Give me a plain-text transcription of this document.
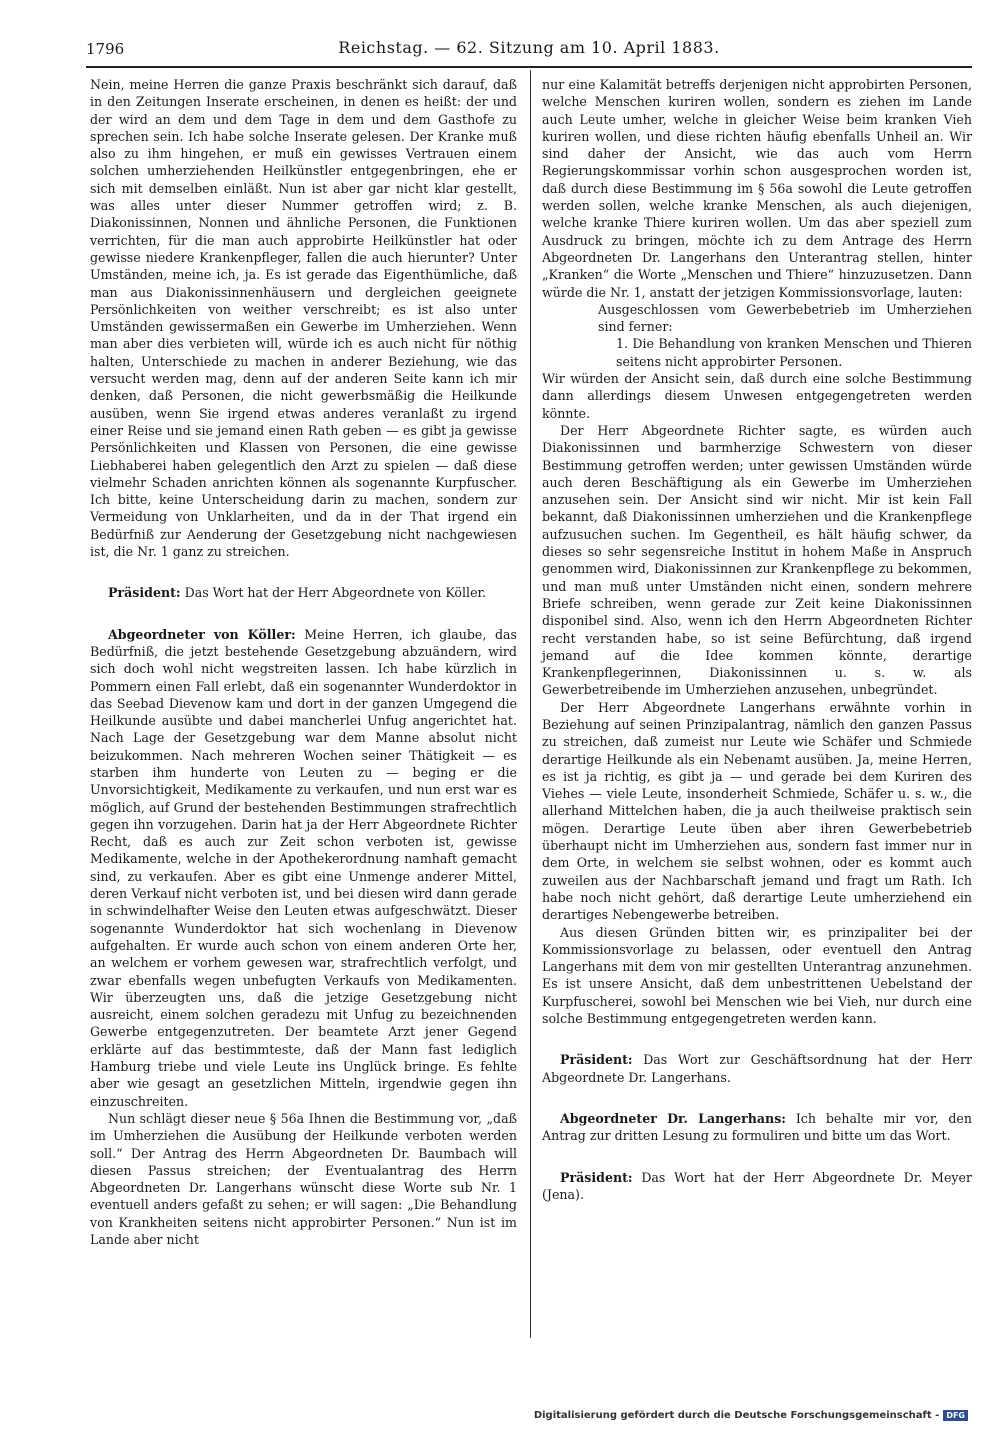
1796	Reichstag. — 62. Sitzung am 10. April 1883.

Nein, meine Herren die ganze Praxis beschränkt sich darauf, daß in den Zeitungen Inserate erscheinen, in denen es heißt: der und der wird an dem und dem Tage in dem und dem Gasthofe zu sprechen sein. Ich habe solche Inserate gelesen. Der Kranke muß also zu ihm hingehen, er muß ein gewisses Vertrauen einem solchen umherziehenden Heilkünstler entgegenbringen, ehe er sich mit demselben einläßt. Nun ist aber gar nicht klar gestellt, was alles unter dieser Nummer getroffen wird; z. B. Diakonissinnen, Nonnen und ähnliche Personen, die Funktionen verrichten, für die man auch approbirte Heilkünstler hat oder gewisse niedere Krankenpfleger, fallen die auch hierunter? Unter Umständen, meine ich, ja. Es ist gerade das Eigenthümliche, daß man aus Diakonissinnenhäusern und dergleichen geeignete Persönlichkeiten von weither verschreibt; es ist also unter Umständen gewissermaßen ein Gewerbe im Umherziehen. Wenn man aber dies verbieten will, würde ich es auch nicht für nöthig halten, Unterschiede zu machen in anderer Beziehung, wie das versucht werden mag, denn auf der anderen Seite kann ich mir denken, daß Personen, die nicht gewerbsmäßig die Heilkunde ausüben, wenn Sie irgend etwas anderes veranlaßt zu irgend einer Reise und sie jemand einen Rath geben — es gibt ja gewisse Persönlichkeiten und Klassen von Personen, die eine gewisse Liebhaberei haben gelegentlich den Arzt zu spielen — daß diese vielmehr Schaden anrichten können als sogenannte Kurpfuscher. Ich bitte, keine Unterscheidung darin zu machen, sondern zur Vermeidung von Unklarheiten, und da in der That irgend ein Bedürfniß zur Aenderung der Gesetzgebung nicht nachgewiesen ist, die Nr. 1 ganz zu streichen.

Präsident: Das Wort hat der Herr Abgeordnete von Köller.

Abgeordneter von Köller: Meine Herren, ich glaube, das Bedürfniß, die jetzt bestehende Gesetzgebung abzuändern, wird sich doch wohl nicht wegstreiten lassen. Ich habe kürzlich in Pommern einen Fall erlebt, daß ein sogenannter Wunderdoktor in das Seebad Dievenow kam und dort in der ganzen Umgegend die Heilkunde ausübte und dabei mancherlei Unfug angerichtet hat. Nach Lage der Gesetzgebung war dem Manne absolut nicht beizukommen. Nach mehreren Wochen seiner Thätigkeit — es starben ihm hunderte von Leuten zu — beging er die Unvorsichtigkeit, Medikamente zu verkaufen, und nun erst war es möglich, auf Grund der bestehenden Bestimmungen strafrechtlich gegen ihn vorzugehen. Darin hat ja der Herr Abgeordnete Richter Recht, daß es auch zur Zeit schon verboten ist, gewisse Medikamente, welche in der Apothekerordnung namhaft gemacht sind, zu verkaufen. Aber es gibt eine Unmenge anderer Mittel, deren Verkauf nicht verboten ist, und bei diesen wird dann gerade in schwindelhafter Weise den Leuten etwas aufgeschwätzt. Dieser sogenannte Wunderdoktor hat sich wochenlang in Dievenow aufgehalten. Er wurde auch schon von einem anderen Orte her, an welchem er vorhem gewesen war, strafrechtlich verfolgt, und zwar ebenfalls wegen unbefugten Verkaufs von Medikamenten. Wir überzeugten uns, daß die jetzige Gesetzgebung nicht ausreicht, einem solchen geradezu mit Unfug zu bezeichnenden Gewerbe entgegenzutreten. Der beamtete Arzt jener Gegend erklärte auf das bestimmteste, daß der Mann fast lediglich Hamburg triebe und viele Leute ins Unglück bringe. Es fehlte aber wie gesagt an gesetzlichen Mitteln, irgendwie gegen ihn einzuschreiten.

Nun schlägt dieser neue § 56a Ihnen die Bestimmung vor, „daß im Umherziehen die Ausübung der Heilkunde verboten werden soll.“ Der Antrag des Herrn Abgeordneten Dr. Baumbach will diesen Passus streichen; der Eventualantrag des Herrn Abgeordneten Dr. Langerhans wünscht diese Worte sub Nr. 1 eventuell anders gefaßt zu sehen; er will sagen: „Die Behandlung von Krankheiten seitens nicht approbirter Personen.“ Nun ist im Lande aber nicht

nur eine Kalamität betreffs derjenigen nicht approbirten Personen, welche Menschen kuriren wollen, sondern es ziehen im Lande auch Leute umher, welche in gleicher Weise beim kranken Vieh kuriren wollen, und diese richten häufig ebenfalls Unheil an. Wir sind daher der Ansicht, wie das auch vom Herrn Regierungskommissar vorhin schon ausgesprochen worden ist, daß durch diese Bestimmung im § 56a sowohl die Leute getroffen werden sollen, welche kranke Menschen, als auch diejenigen, welche kranke Thiere kuriren wollen. Um das aber speziell zum Ausdruck zu bringen, möchte ich zu dem Antrage des Herrn Abgeordneten Dr. Langerhans den Unterantrag stellen, hinter „Kranken“ die Worte „Menschen und Thiere“ hinzuzusetzen. Dann würde die Nr. 1, anstatt der jetzigen Kommissionsvorlage, lauten:

Ausgeschlossen vom Gewerbebetrieb im Umherziehen sind ferner:

1. Die Behandlung von kranken Menschen und Thieren seitens nicht approbirter Personen.

Wir würden der Ansicht sein, daß durch eine solche Bestimmung dann allerdings diesem Unwesen entgegengetreten werden könnte.

Der Herr Abgeordnete Richter sagte, es würden auch Diakonissinnen und barmherzige Schwestern von dieser Bestimmung getroffen werden; unter gewissen Umständen würde auch deren Beschäftigung als ein Gewerbe im Umherziehen anzusehen sein. Der Ansicht sind wir nicht. Mir ist kein Fall bekannt, daß Diakonissinnen umherziehen und die Krankenpflege aufzusuchen suchen. Im Gegentheil, es hält häufig schwer, da dieses so sehr segensreiche Institut in hohem Maße in Anspruch genommen wird, Diakonissinnen zur Krankenpflege zu bekommen, und man muß unter Umständen nicht einen, sondern mehrere Briefe schreiben, wenn gerade zur Zeit keine Diakonissinnen disponibel sind. Also, wenn ich den Herrn Abgeordneten Richter recht verstanden habe, so ist seine Befürchtung, daß irgend jemand auf die Idee kommen könnte, derartige Krankenpflegerinnen, Diakonissinnen u. s. w. als Gewerbetreibende im Umherziehen anzusehen, unbegründet.

Der Herr Abgeordnete Langerhans erwähnte vorhin in Beziehung auf seinen Prinzipalantrag, nämlich den ganzen Passus zu streichen, daß zumeist nur Leute wie Schäfer und Schmiede derartige Heilkunde als ein Nebenamt ausüben. Ja, meine Herren, es ist ja richtig, es gibt ja — und gerade bei dem Kuriren des Viehes — viele Leute, insonderheit Schmiede, Schäfer u. s. w., die allerhand Mittelchen haben, die ja auch theilweise praktisch sein mögen. Derartige Leute üben aber ihren Gewerbebetrieb überhaupt nicht im Umherziehen aus, sondern fast immer nur in dem Orte, in welchem sie selbst wohnen, oder es kommt auch zuweilen aus der Nachbarschaft jemand und fragt um Rath. Ich habe noch nicht gehört, daß derartige Leute umherziehend ein derartiges Nebengewerbe betreiben.

Aus diesen Gründen bitten wir, es prinzipaliter bei der Kommissionsvorlage zu belassen, oder eventuell den Antrag Langerhans mit dem von mir gestellten Unterantrag anzunehmen. Es ist unsere Ansicht, daß dem unbestrittenen Uebelstand der Kurpfuscherei, sowohl bei Menschen wie bei Vieh, nur durch eine solche Bestimmung entgegengetreten werden kann.

Präsident: Das Wort zur Geschäftsordnung hat der Herr Abgeordnete Dr. Langerhans.

Abgeordneter Dr. Langerhans: Ich behalte mir vor, den Antrag zur dritten Lesung zu formuliren und bitte um das Wort.

Präsident: Das Wort hat der Herr Abgeordnete Dr. Meyer (Jena).

Digitalisierung gefördert durch die Deutsche Forschungsgemeinschaft - DFG
